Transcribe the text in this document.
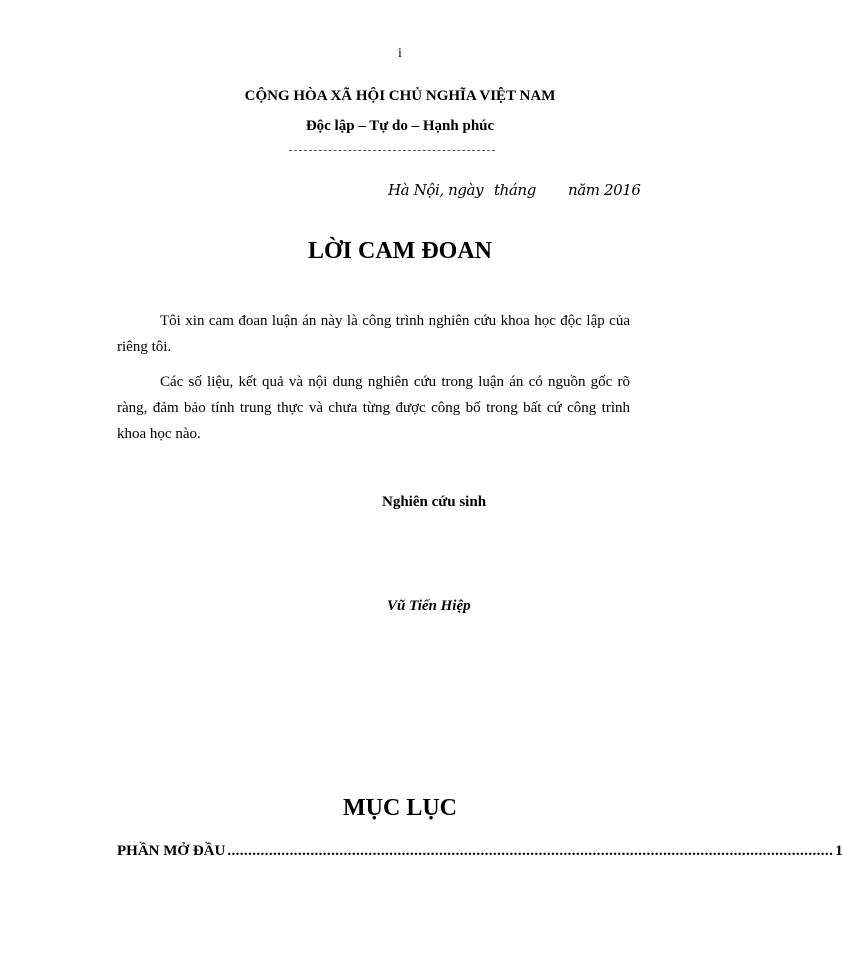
i
CỘNG HÒA XÃ HỘI CHỦ NGHĨA VIỆT NAM
Độc lập – Tự do – Hạnh phúc
Hà Nội, ngày tháng năm 2016
LỜI CAM ĐOAN
Tôi xin cam đoan luận án này là công trình nghiên cứu khoa học độc lập của riêng tôi.
Các số liệu, kết quả và nội dung nghiên cứu trong luận án có nguồn gốc rõ ràng, đảm bảo tính trung thực và chưa từng được công bố trong bất cứ công trình khoa học nào.
Nghiên cứu sinh
Vũ Tiến Hiệp
MỤC LỤC
PHẦN MỞ ĐẦU .................................................................................................................................................. 1
